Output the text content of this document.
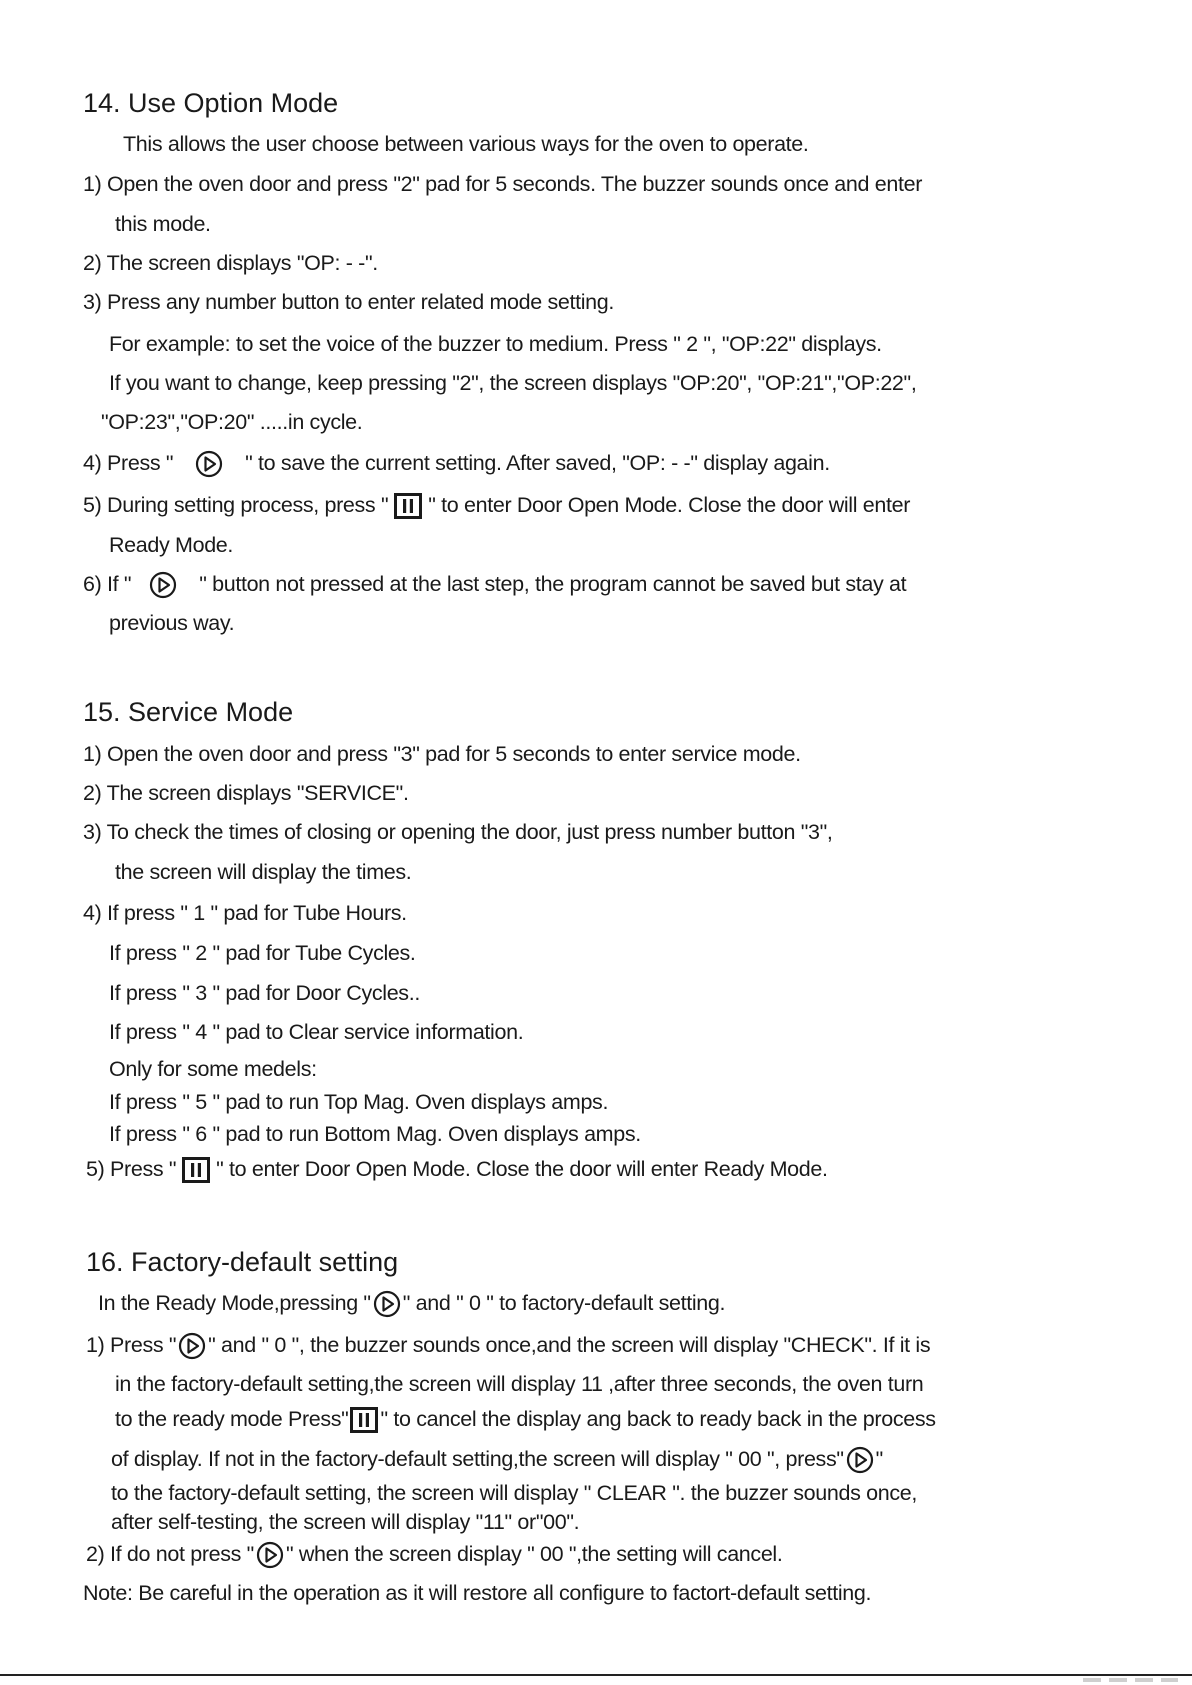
14. Use Option Mode
This allows the user choose between various ways for the oven to operate.
1) Open the oven door and press "2" pad for 5 seconds. The buzzer sounds once and enter
this mode.
2) The screen displays "OP: - -".
3) Press any number button to enter related mode setting.
For example: to set the voice of the buzzer to medium. Press " 2 ", "OP:22" displays.
If you want to change, keep pressing "2", the screen displays "OP:20", "OP:21","OP:22",
"OP:23","OP:20" .....in cycle.
4) Press "	" to save the current setting. After saved, "OP: - -" display again.
5) During setting process, press " " to enter Door Open Mode. Close the door will enter
Ready Mode.
6) If "	" button not pressed at the last step, the program cannot be saved but stay at
previous way.
15. Service Mode
1) Open the oven door and press "3" pad for 5 seconds to enter service mode.
2) The screen displays "SERVICE".
3) To check the times of closing or opening the door, just press number button "3",
the screen will display the times.
4) If press " 1 " pad for Tube Hours.
If press " 2 " pad for Tube Cycles.
If press " 3 " pad for Door Cycles..
If press " 4 " pad to Clear service information.
Only for some medels:
If press " 5 " pad to run Top Mag. Oven displays amps.
If press " 6 " pad to run Bottom Mag. Oven displays amps.
5) Press " " to enter Door Open Mode. Close the door will enter Ready Mode.
16. Factory-default setting
In the Ready Mode,pressing " " and " 0 " to factory-default setting.
1) Press " " and " 0 ", the buzzer sounds once,and the screen will display "CHECK". If it is
in the factory-default setting,the screen will display 11 ,after three seconds, the oven turn
to the ready mode Press" " to cancel the display ang back to ready back in the process
of display. If not in the factory-default setting,the screen will display " 00 ", press" "
to the factory-default setting, the screen will display " CLEAR ". the buzzer sounds once,
after self-testing, the screen will display "11" or"00".
2) If do not press " " when the screen display " 00 ",the setting will cancel.
Note: Be careful in the operation as it will restore all configure to factort-default setting.
